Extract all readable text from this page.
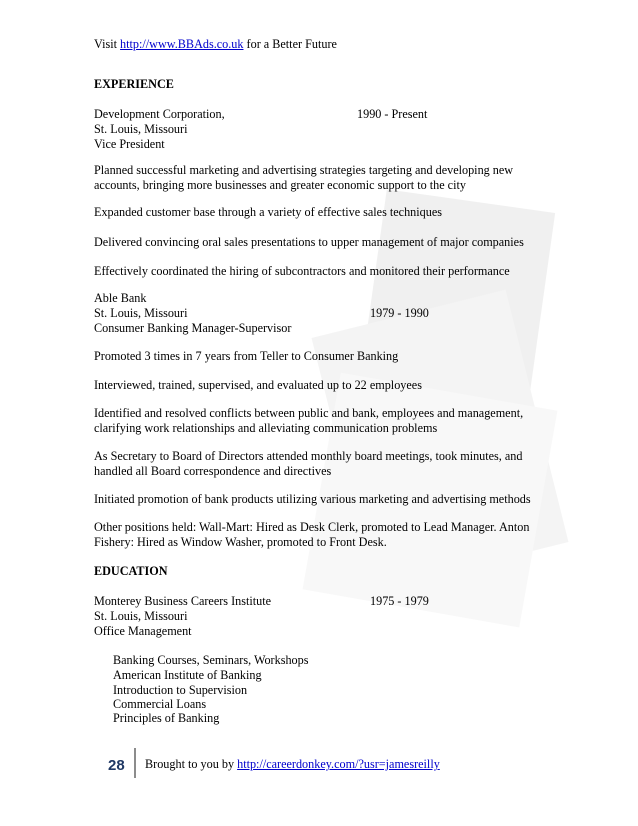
Visit http://www.BBAds.co.uk for a Better Future
EXPERIENCE
Development Corporation,	1990 - Present
St. Louis, Missouri
Vice President
Planned successful marketing and advertising strategies targeting and developing new
accounts, bringing more businesses and greater economic support to the city
Expanded customer base through a variety of effective sales techniques
Delivered convincing oral sales presentations to upper management of major companies
Effectively coordinated the hiring of subcontractors and monitored their performance
Able Bank
St. Louis, Missouri	1979 - 1990
Consumer Banking Manager-Supervisor
Promoted 3 times in 7 years from Teller to Consumer Banking
Interviewed, trained, supervised, and evaluated up to 22 employees
Identified and resolved conflicts between public and bank, employees and management,
clarifying work relationships and alleviating communication problems
As Secretary to Board of Directors attended monthly board meetings, took minutes, and
handled all Board correspondence and directives
Initiated promotion of bank products utilizing various marketing and advertising methods
Other positions held: Wall-Mart: Hired as Desk Clerk, promoted to Lead Manager. Anton
Fishery: Hired as Window Washer, promoted to Front Desk.
EDUCATION
Monterey Business Careers Institute	1975 - 1979
St. Louis, Missouri
Office Management
Banking Courses, Seminars, Workshops
American Institute of Banking
Introduction to Supervision
Commercial Loans
Principles of Banking
28 Brought to you by http://careerdonkey.com/?usr=jamesreilly
